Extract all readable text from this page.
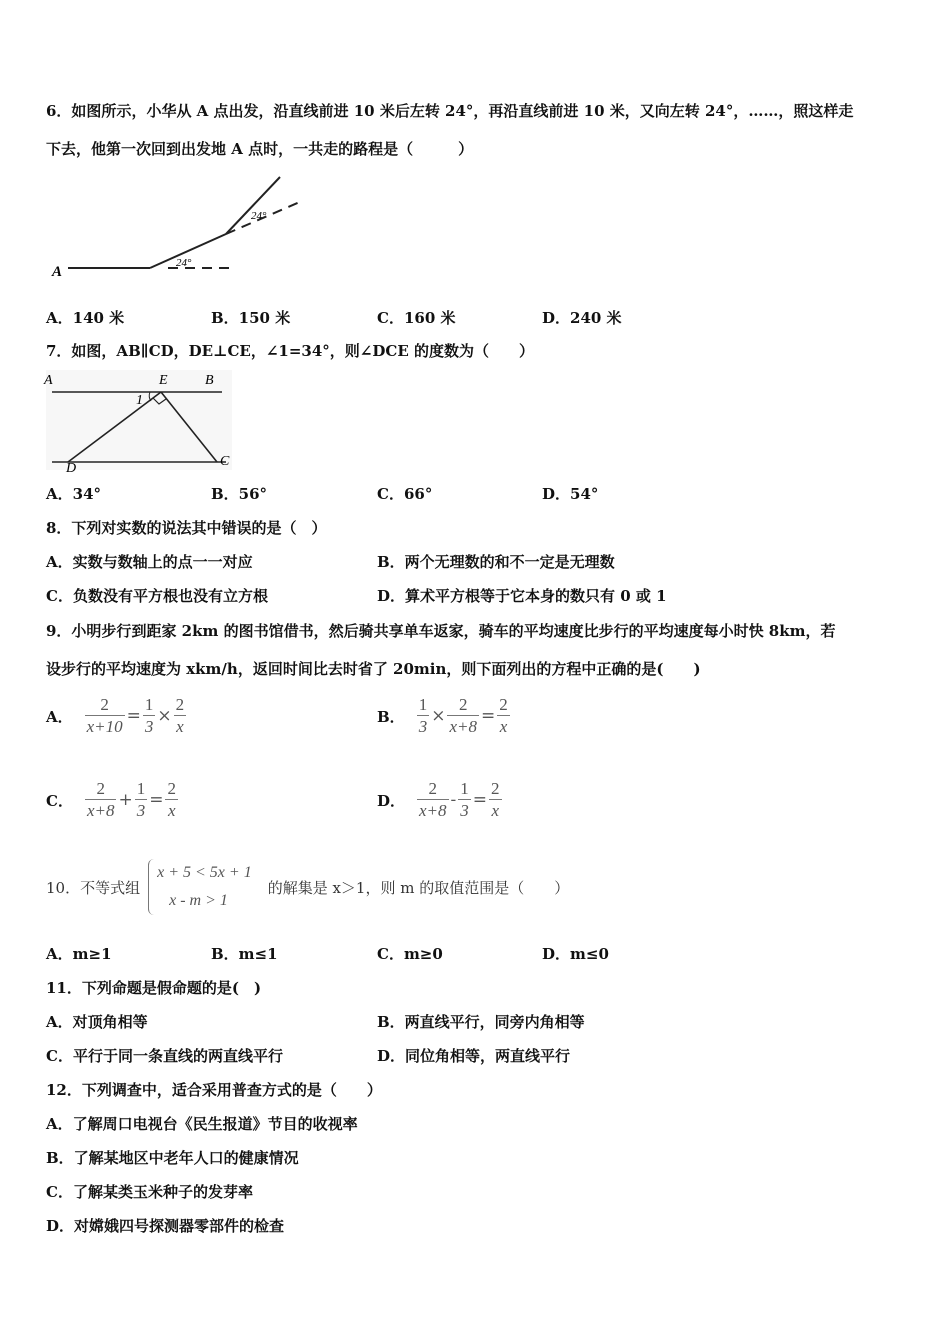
6．如图所示，小华从 A 点出发，沿直线前进 10 米后左转 24°，再沿直线前进 10 米，又向左转 24°，……，照这样走
下去，他第一次回到出发地 A 点时，一共走的路程是（　　　）
A
24°
24°
A．140 米	B．150 米	C．160 米	D．240 米
7．如图，AB∥CD，DE⊥CE，∠1=34°，则∠DCE 的度数为（　　）
A	E	B
1
D	C
A．34°	B．56°	C．66°	D．54°
8．下列对实数的说法其中错误的是（　）
A．实数与数轴上的点一一对应	B．两个无理数的和不一定是无理数
C．负数没有平方根也没有立方根	D．算术平方根等于它本身的数只有 0 或 1
9．小明步行到距家 2km 的图书馆借书，然后骑共享单车返家，骑车的平均速度比步行的平均速度每小时快 8km，若
设步行的平均速度为 xkm/h，返回时间比去时省了 20min，则下面列出的方程中正确的是(　　)
A． $\frac{2}{x+10} = \frac{1}{3} \times \frac{2}{x}$	B． $\frac{1}{3} \times \frac{2}{x+8} = \frac{2}{x}$
C． $\frac{2}{x+8} + \frac{1}{3} = \frac{2}{x}$	D． $\frac{2}{x+8} - \frac{1}{3} = \frac{2}{x}$
10．不等式组
x + 5 < 5x + 1
x - m > 1
的解集是 x＞1，则 m 的取值范围是（　　）
A．m≥1	B．m≤1	C．m≥0	D．m≤0
11．下列命题是假命题的是(　)
A．对顶角相等	B．两直线平行，同旁内角相等
C．平行于同一条直线的两直线平行	D．同位角相等，两直线平行
12．下列调查中，适合采用普查方式的是（　　）
A．了解周口电视台《民生报道》节目的收视率
B．了解某地区中老年人口的健康情况
C．了解某类玉米种子的发芽率
D．对嫦娥四号探测器零部件的检查
